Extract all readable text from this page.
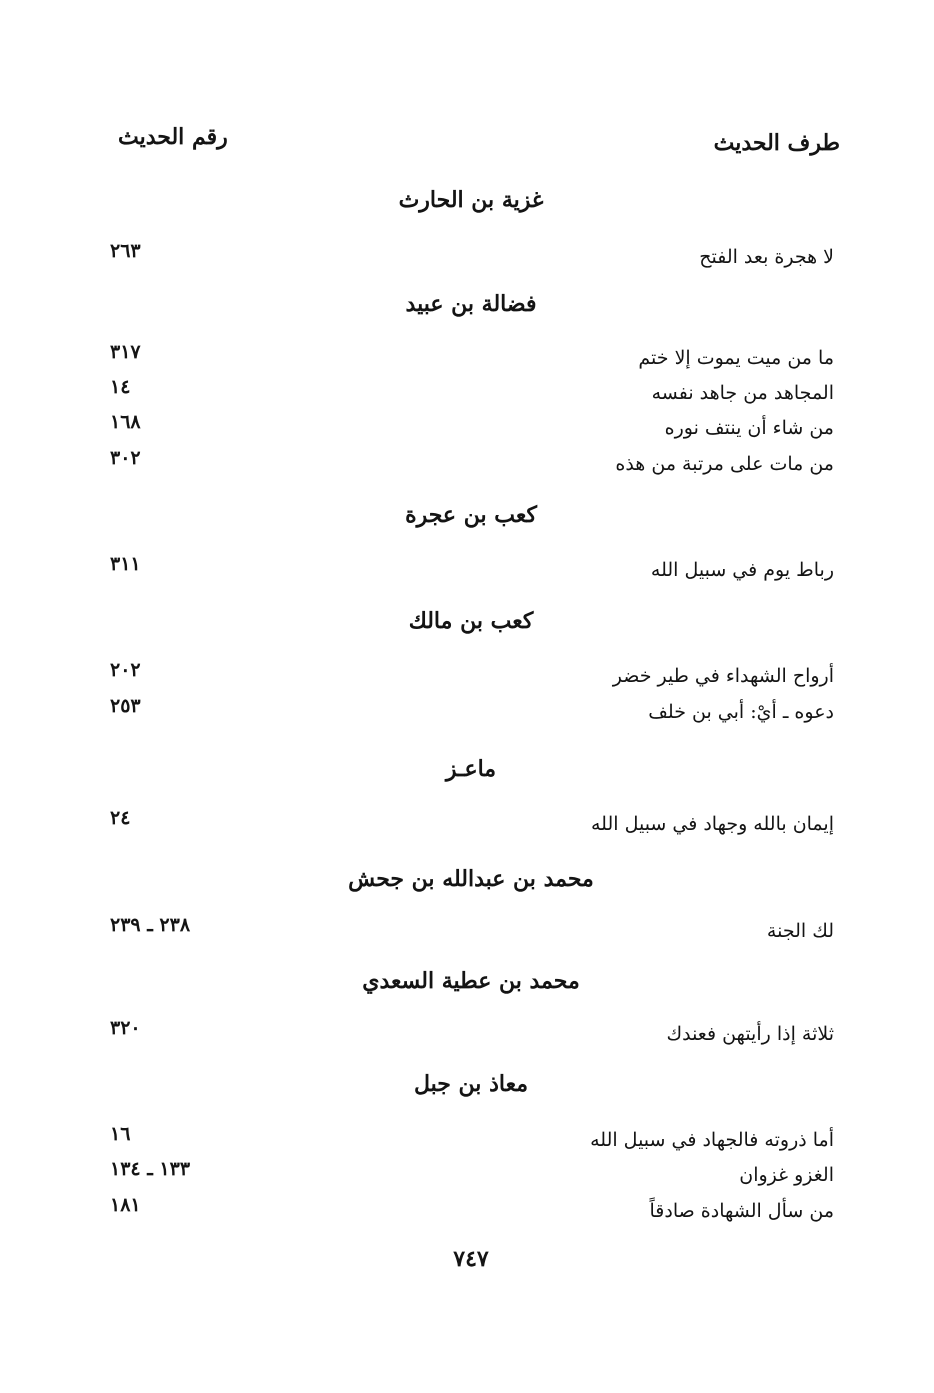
طرف الحديث
رقم الحديث
غزية بن الحارث
لا هجرة بعد الفتح
٢٦٣
فضالة بن عبيد
ما من ميت يموت إلا ختم
٣١٧
المجاهد من جاهد نفسه
١٤
من شاء أن ينتف نوره
١٦٨
من مات على مرتبة من هذه
٣٠٢
كعب بن عجرة
رباط يوم في سبيل الله
٣١١
كعب بن مالك
أرواح الشهداء في طير خضر
٢٠٢
دعوه ـ أيْ: أبي بن خلف
٢٥٣
ماعـز
إيمان بالله وجهاد في سبيل الله
٢٤
محمد بن عبدالله بن جحش
لك الجنة
٢٣٨ ـ ٢٣٩
محمد بن عطية السعدي
ثلاثة إذا رأيتهن فعندك
٣٢٠
معاذ بن جبل
أما ذروته فالجهاد في سبيل الله
١٦
الغزو غزوان
١٣٣ ـ ١٣٤
من سأل الشهادة صادقاً
١٨١
٧٤٧
